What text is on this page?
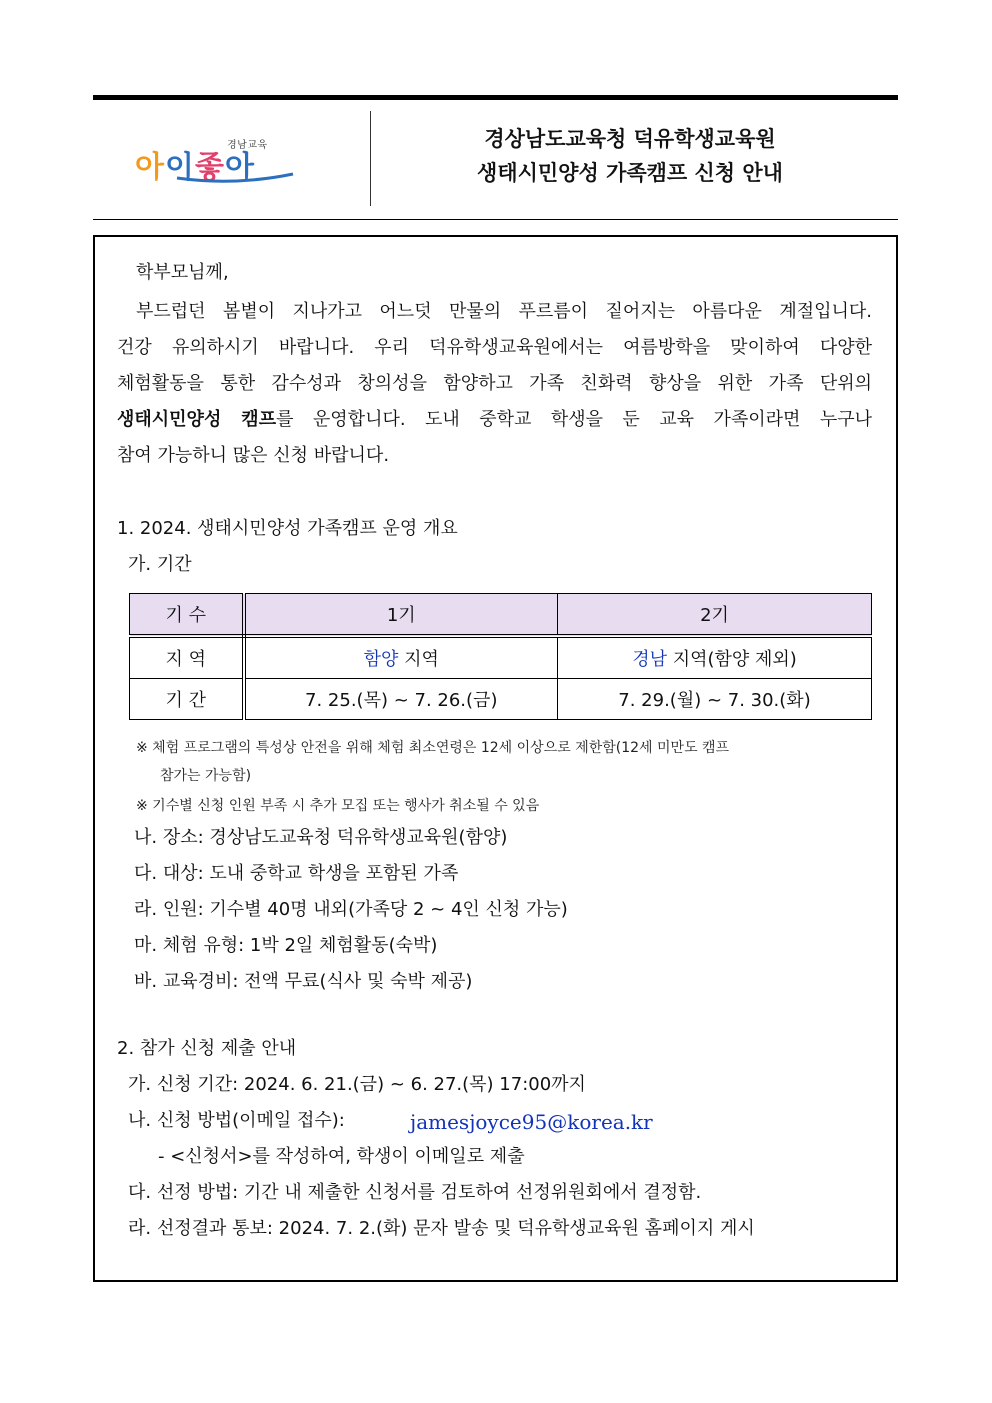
경남교육
아이좋아
경상남도교육청 덕유학생교육원
생태시민양성 가족캠프 신청 안내
학부모님께,
부드럽던 봄볕이 지나가고 어느덧 만물의 푸르름이 짙어지는 아름다운 계절입니다.
건강 유의하시기 바랍니다. 우리 덕유학생교육원에서는 여름방학을 맞이하여 다양한
체험활동을 통한 감수성과 창의성을 함양하고 가족 친화력 향상을 위한 가족 단위의
생태시민양성 캠프를 운영합니다. 도내 중학교 학생을 둔 교육 가족이라면 누구나
참여 가능하니 많은 신청 바랍니다.
1. 2024. 생태시민양성 가족캠프 운영 개요
가. 기간
기 수	1기	2기
지 역	함양 지역	경남 지역(함양 제외)
기 간	7. 25.(목) ~ 7. 26.(금)	7. 29.(월) ~ 7. 30.(화)
※ 체험 프로그램의 특성상 안전을 위해 체험 최소연령은 12세 이상으로 제한함(12세 미만도 캠프
참가는 가능함)
※ 기수별 신청 인원 부족 시 추가 모집 또는 행사가 취소될 수 있음
나. 장소: 경상남도교육청 덕유학생교육원(함양)
다. 대상: 도내 중학교 학생을 포함된 가족
라. 인원: 기수별 40명 내외(가족당 2 ~ 4인 신청 가능)
마. 체험 유형: 1박 2일 체험활동(숙박)
바. 교육경비: 전액 무료(식사 및 숙박 제공)
2. 참가 신청 제출 안내
가. 신청 기간: 2024. 6. 21.(금) ~ 6. 27.(목) 17:00까지
나. 신청 방법(이메일 접수):	jamesjoyce95@korea.kr
- <신청서>를 작성하여, 학생이 이메일로 제출
다. 선정 방법: 기간 내 제출한 신청서를 검토하여 선정위원회에서 결정함.
라. 선정결과 통보: 2024. 7. 2.(화) 문자 발송 및 덕유학생교육원 홈페이지 게시
